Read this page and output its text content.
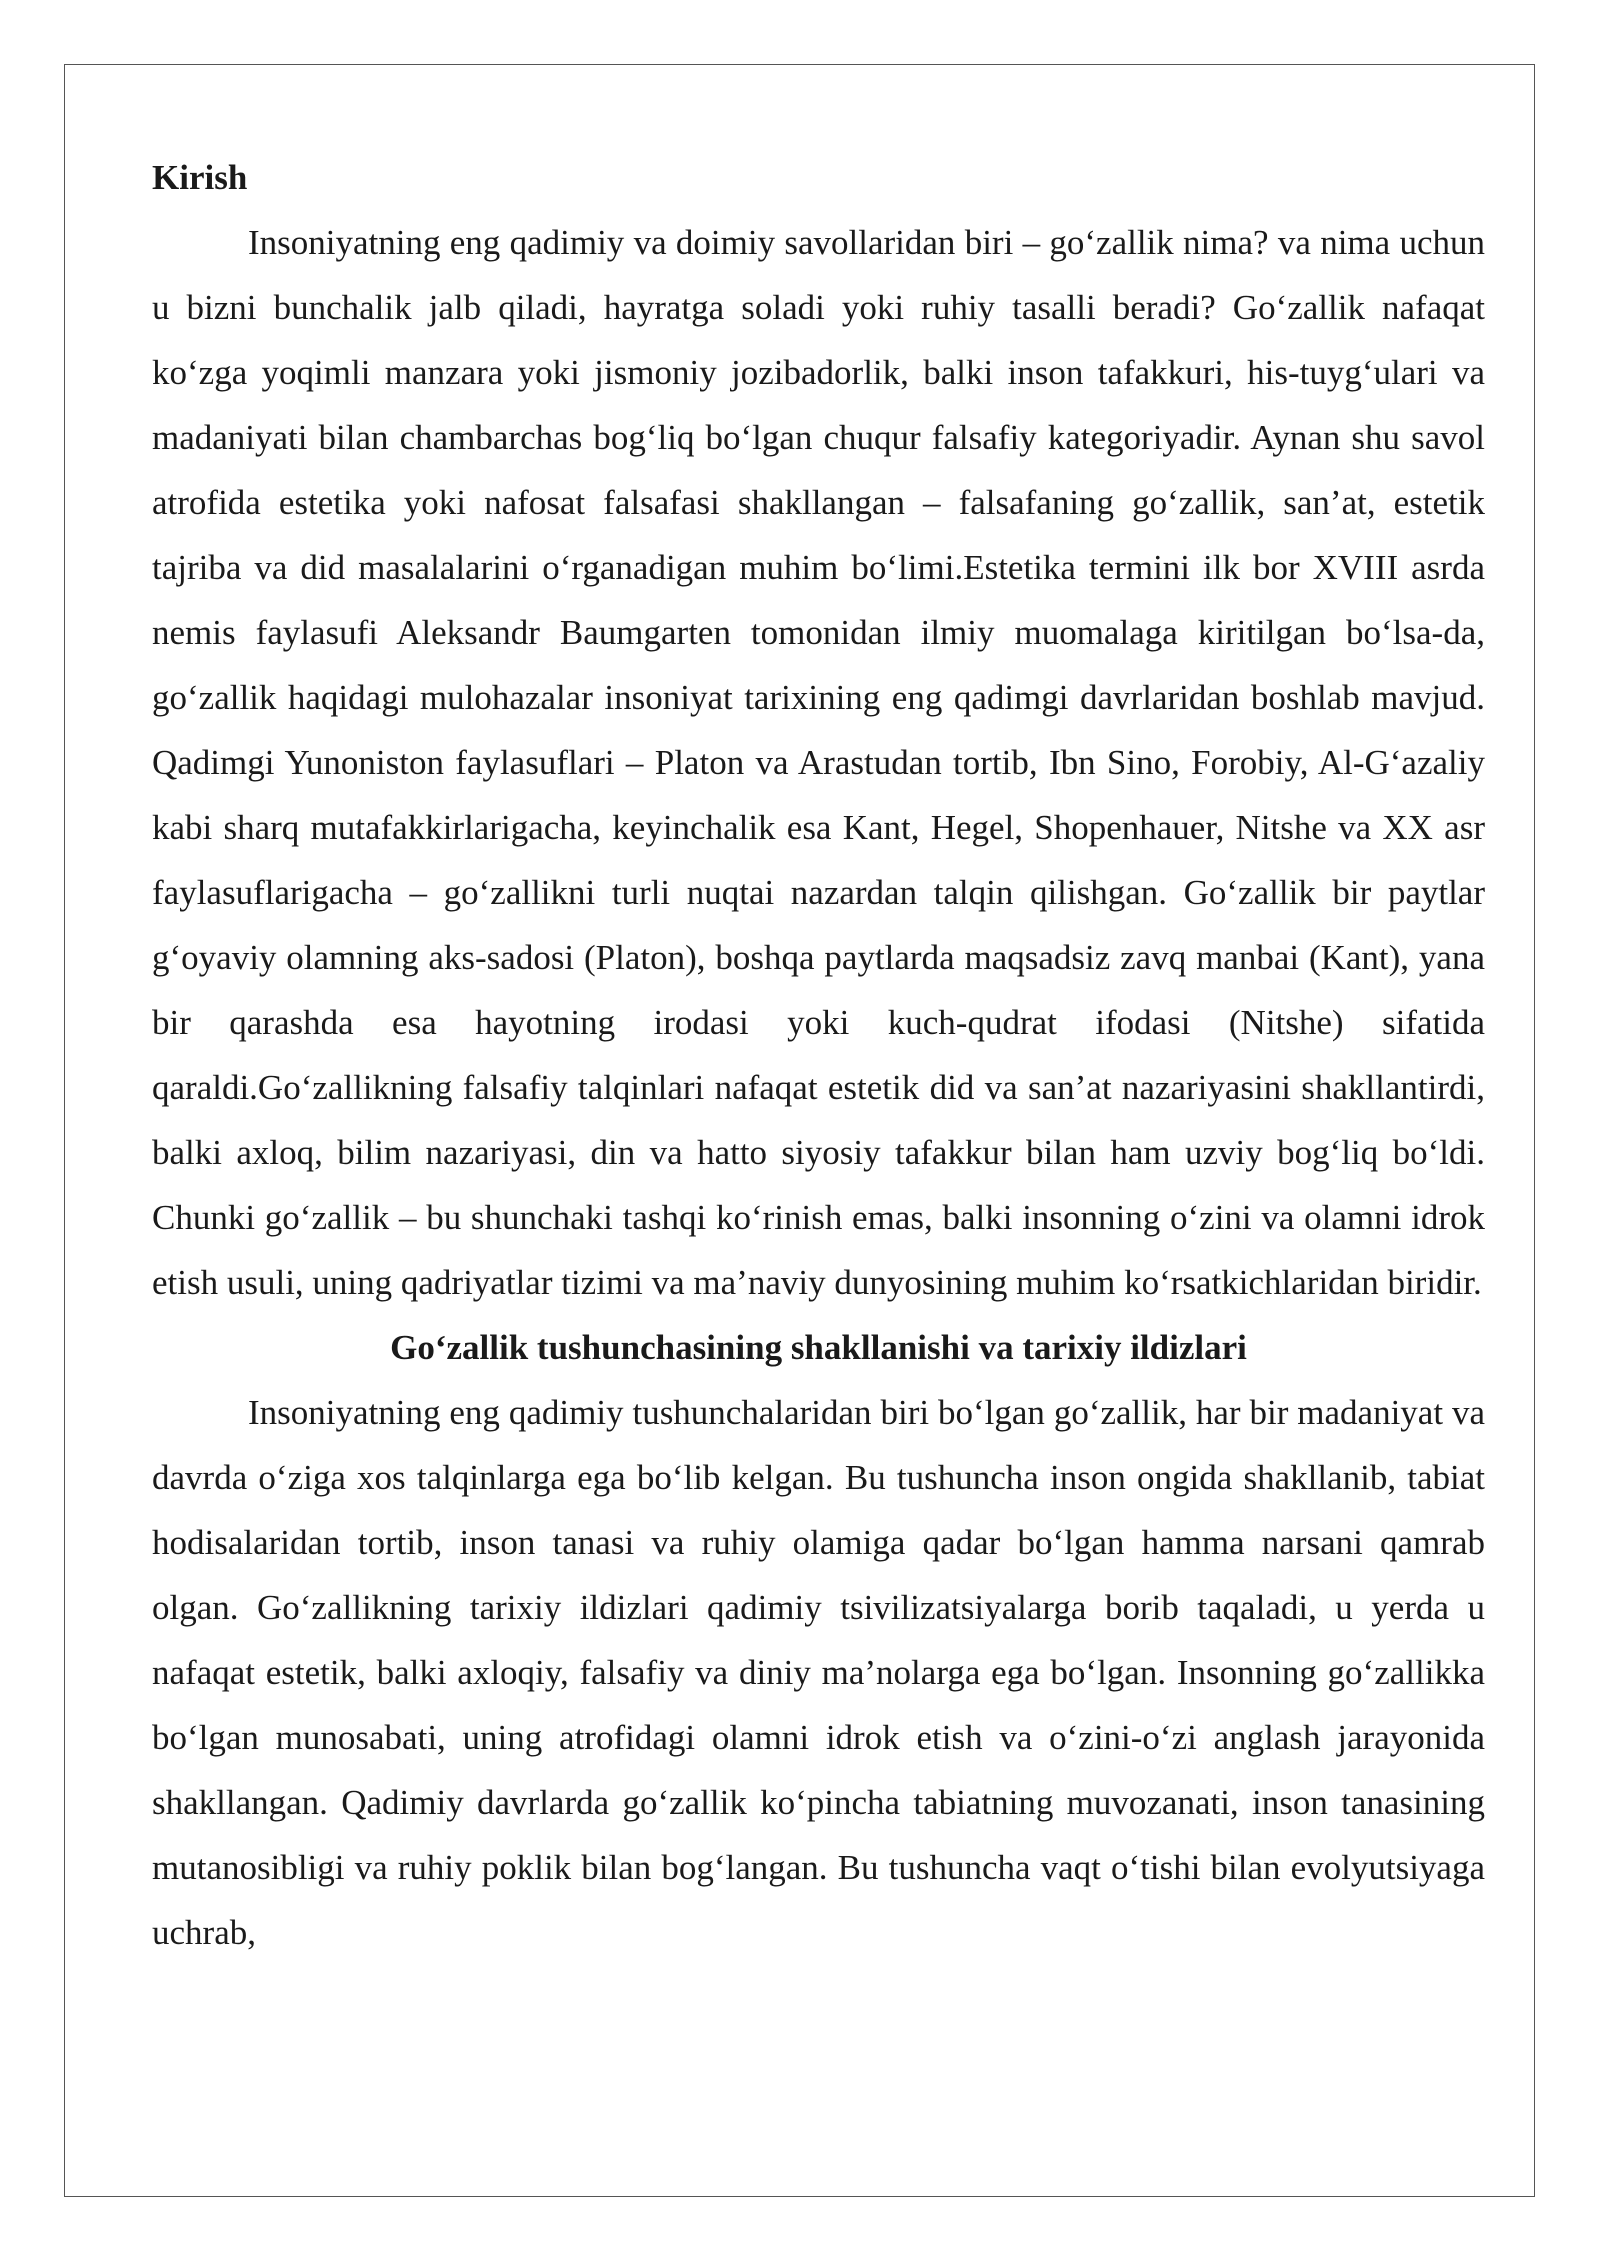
Kirish

Insoniyatning eng qadimiy va doimiy savollaridan biri – go‘zallik nima? va nima uchun u bizni bunchalik jalb qiladi, hayratga soladi yoki ruhiy tasalli beradi? Go‘zallik nafaqat ko‘zga yoqimli manzara yoki jismoniy jozibadorlik, balki inson tafakkuri, his-tuyg‘ulari va madaniyati bilan chambarchas bog‘liq bo‘lgan chuqur falsafiy kategoriyadir. Aynan shu savol atrofida estetika yoki nafosat falsafasi shakllangan – falsafaning go‘zallik, san’at, estetik tajriba va did masalalarini o‘rganadigan muhim bo‘limi.Estetika termini ilk bor XVIII asrda nemis faylasufi Aleksandr Baumgarten tomonidan ilmiy muomalaga kiritilgan bo‘lsa-da, go‘zallik haqidagi mulohazalar insoniyat tarixining eng qadimgi davrlaridan boshlab mavjud. Qadimgi Yunoniston faylasuflari – Platon va Arastudan tortib, Ibn Sino, Forobiy, Al-G‘azaliy kabi sharq mutafakkirlarigacha, keyinchalik esa Kant, Hegel, Shopenhauer, Nitshe va XX asr faylasuflarigacha – go‘zallikni turli nuqtai nazardan talqin qilishgan. Go‘zallik bir paytlar g‘oyaviy olamning aks-sadosi (Platon), boshqa paytlarda maqsadsiz zavq manbai (Kant), yana bir qarashda esa hayotning irodasi yoki kuch-qudrat ifodasi (Nitshe) sifatida qaraldi.Go‘zallikning falsafiy talqinlari nafaqat estetik did va san’at nazariyasini shakllantirdi, balki axloq, bilim nazariyasi, din va hatto siyosiy tafakkur bilan ham uzviy bog‘liq bo‘ldi. Chunki go‘zallik – bu shunchaki tashqi ko‘rinish emas, balki insonning o‘zini va olamni idrok etish usuli, uning qadriyatlar tizimi va ma’naviy dunyosining muhim ko‘rsatkichlaridan biridir.

Go‘zallik tushunchasining shakllanishi va tarixiy ildizlari

Insoniyatning eng qadimiy tushunchalaridan biri bo‘lgan go‘zallik, har bir madaniyat va davrda o‘ziga xos talqinlarga ega bo‘lib kelgan. Bu tushuncha inson ongida shakllanib, tabiat hodisalaridan tortib, inson tanasi va ruhiy olamiga qadar bo‘lgan hamma narsani qamrab olgan. Go‘zallikning tarixiy ildizlari qadimiy tsivilizatsiyalarga borib taqaladi, u yerda u nafaqat estetik, balki axloqiy, falsafiy va diniy ma’nolarga ega bo‘lgan. Insonning go‘zallikka bo‘lgan munosabati, uning atrofidagi olamni idrok etish va o‘zini-o‘zi anglash jarayonida shakllangan. Qadimiy davrlarda go‘zallik ko‘pincha tabiatning muvozanati, inson tanasining mutanosibligi va ruhiy poklik bilan bog‘langan. Bu tushuncha vaqt o‘tishi bilan evolyutsiyaga uchrab,
